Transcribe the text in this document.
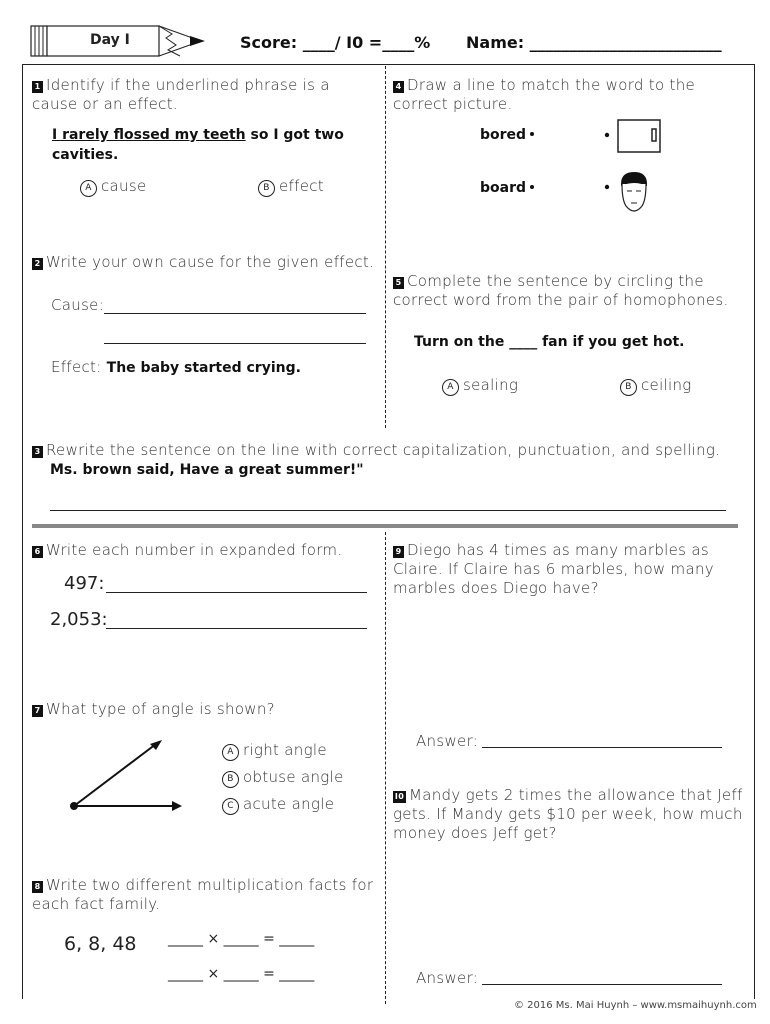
Day I	Score: ____/ I0 =____% Name: ________________________
1 Identify if the underlined phrase is a cause or an effect.
I rarely flossed my teeth so I got two cavities.
A cause	B effect
2 Write your own cause for the given effect.
Cause:
Effect: The baby started crying.
3 Rewrite the sentence on the line with correct capitalization, punctuation, and spelling.
Ms. brown said, Have a great summer!"
4 Draw a line to match the word to the correct picture.
bored
board
5 Complete the sentence by circling the correct word from the pair of homophones.
Turn on the ____ fan if you get hot.
A sealing	B ceiling
6 Write each number in expanded form.
497:
2,053:
7 What type of angle is shown?
A right angle
B obtuse angle
C acute angle
8 Write two different multiplication facts for each fact family.
6, 8, 48 _____ × _____ = _____
_____ × _____ = _____
9 Diego has 4 times as many marbles as Claire. If Claire has 6 marbles, how many marbles does Diego have?
Answer:
I0 Mandy gets 2 times the allowance that Jeff gets. If Mandy gets $10 per week, how much money does Jeff get?
Answer:
© 2016 Ms. Mai Huynh – www.msmaihuynh.com
